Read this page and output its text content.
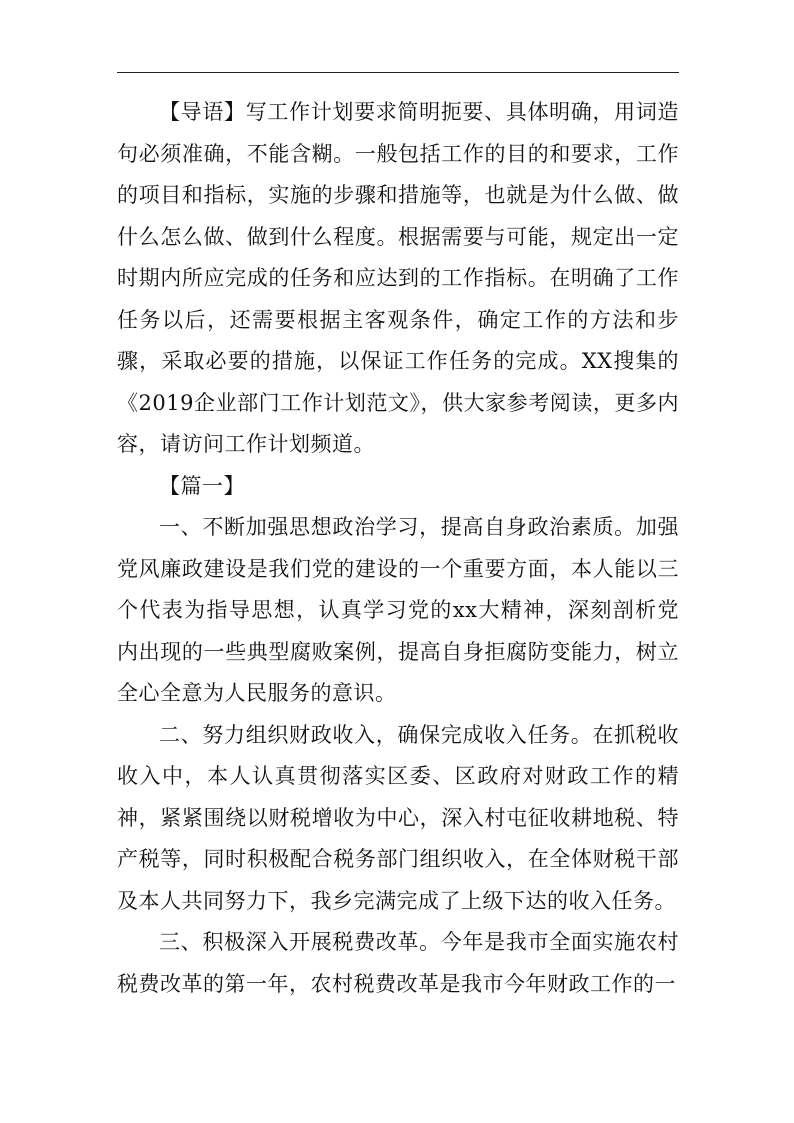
【导语】写工作计划要求简明扼要、具体明确，用词造句必须准确，不能含糊。一般包括工作的目的和要求，工作的项目和指标，实施的步骤和措施等，也就是为什么做、做什么怎么做、做到什么程度。根据需要与可能，规定出一定时期内所应完成的任务和应达到的工作指标。在明确了工作任务以后，还需要根据主客观条件，确定工作的方法和步骤，采取必要的措施，以保证工作任务的完成。XX搜集的《2019企业部门工作计划范文》，供大家参考阅读，更多内容，请访问工作计划频道。

【篇一】

一、不断加强思想政治学习，提高自身政治素质。加强党风廉政建设是我们党的建设的一个重要方面，本人能以三个代表为指导思想，认真学习党的xx大精神，深刻剖析党内出现的一些典型腐败案例，提高自身拒腐防变能力，树立全心全意为人民服务的意识。

二、努力组织财政收入，确保完成收入任务。在抓税收收入中，本人认真贯彻落实区委、区政府对财政工作的精神，紧紧围绕以财税增收为中心，深入村屯征收耕地税、特产税等，同时积极配合税务部门组织收入，在全体财税干部及本人共同努力下，我乡完满完成了上级下达的收入任务。

三、积极深入开展税费改革。今年是我市全面实施农村税费改革的第一年，农村税费改革是我市今年财政工作的一
